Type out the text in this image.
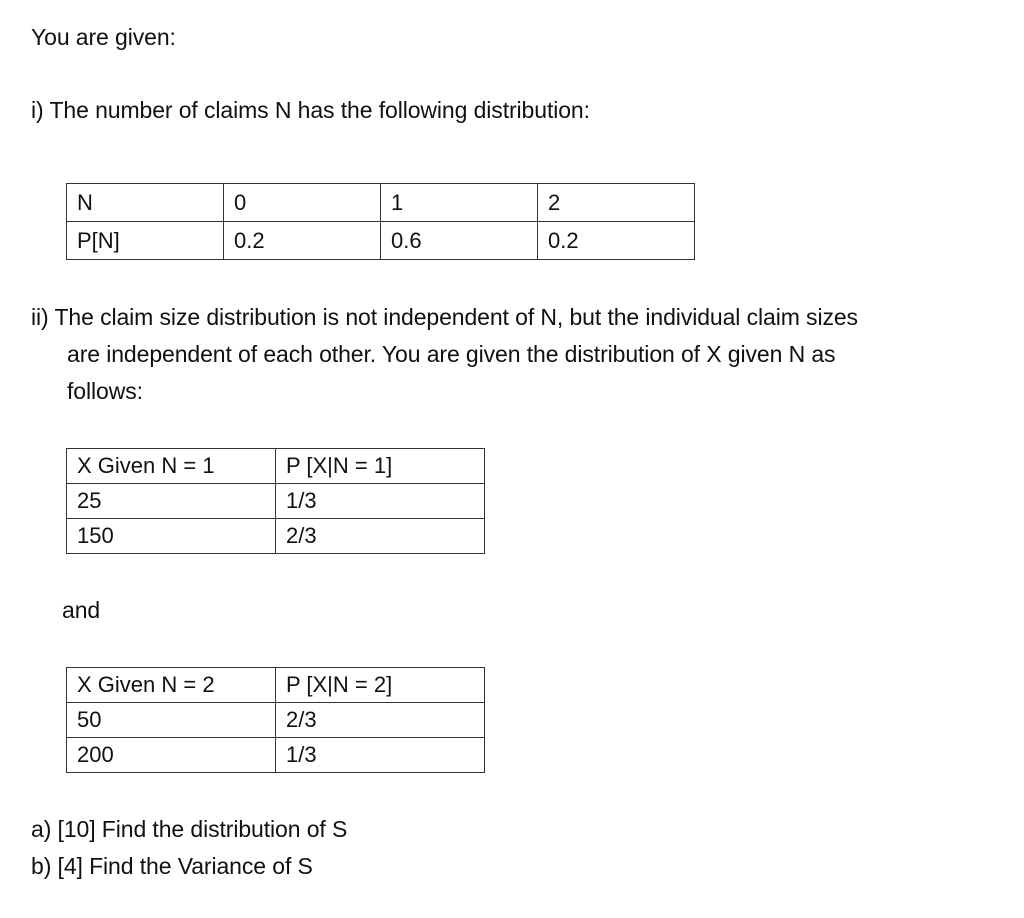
You are given:
i) The number of claims N has the following distribution:
N	0	1	2
P[N]	0.2	0.6	0.2
ii) The claim size distribution is not independent of N, but the individual claim sizes
are independent of each other. You are given the distribution of X given N as
follows:
X Given N = 1	P [X|N = 1]
25	1/3
150	2/3
and
X Given N = 2	P [X|N = 2]
50	2/3
200	1/3
a) [10] Find the distribution of S
b) [4] Find the Variance of S
